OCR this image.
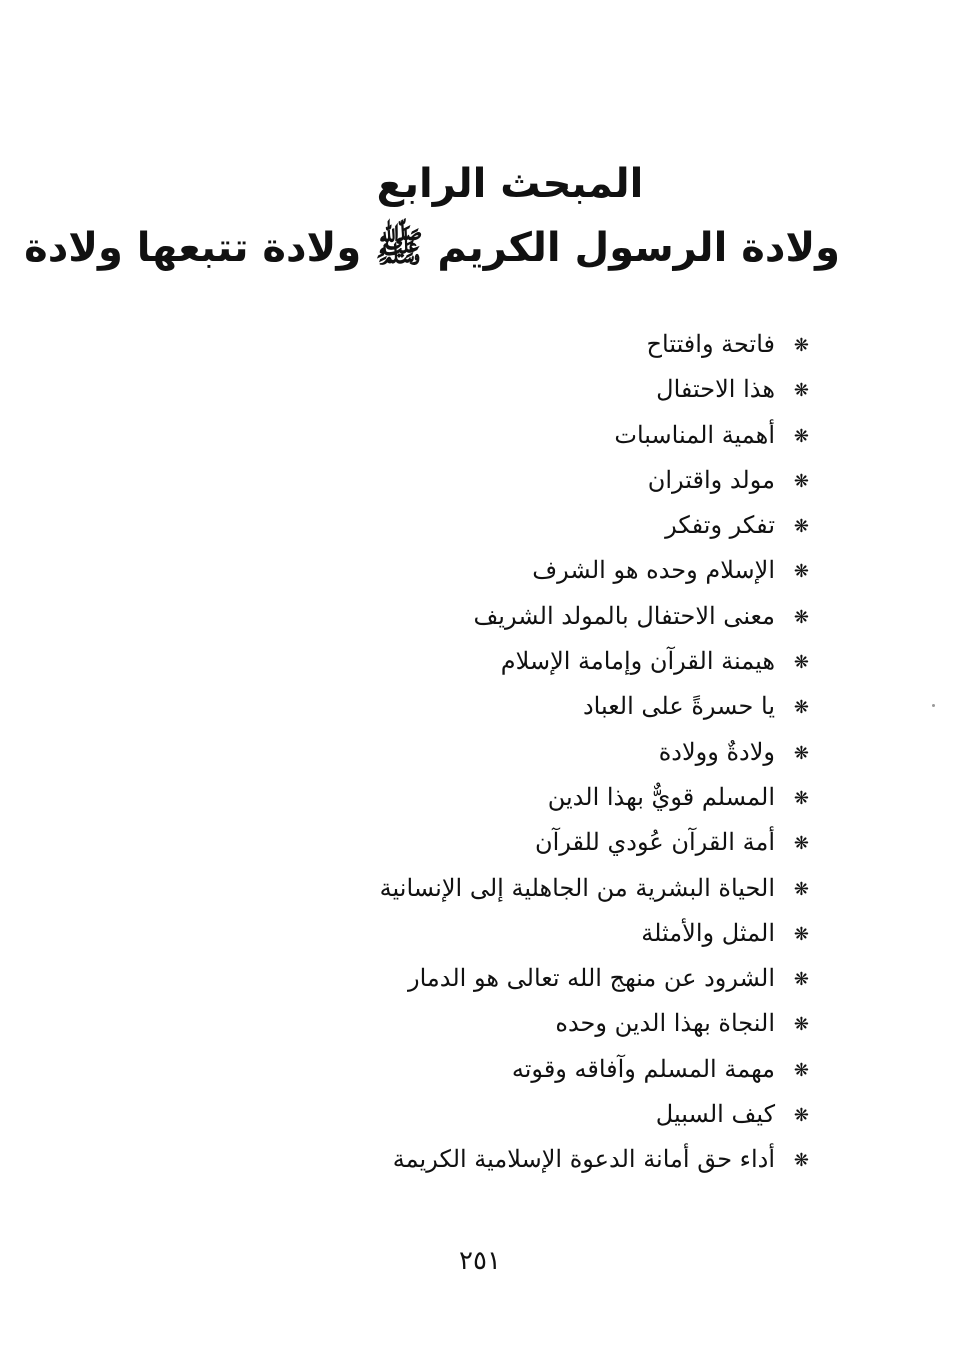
المبحث الرابع
ولادة الرسول الكريم ﷺ ولادة تتبعها ولادة
❋فاتحة وافتتاح
❋هذا الاحتفال
❋أهمية المناسبات
❋مولد واقتران
❋تفكر وتفكر
❋الإسلام وحده هو الشرف
❋معنى الاحتفال بالمولد الشريف
❋هيمنة القرآن وإمامة الإسلام
❋يا حسرةً على العباد
❋ولادةٌ وولادة
❋المسلم قويٌّ بهذا الدين
❋أمة القرآن عُودي للقرآن
❋الحياة البشرية من الجاهلية إلى الإنسانية
❋المثل والأمثلة
❋الشرود عن منهج الله تعالى هو الدمار
❋النجاة بهذا الدين وحده
❋مهمة المسلم وآفاقه وقوته
❋كيف السبيل
❋أداء حق أمانة الدعوة الإسلامية الكريمة
٢٥١
